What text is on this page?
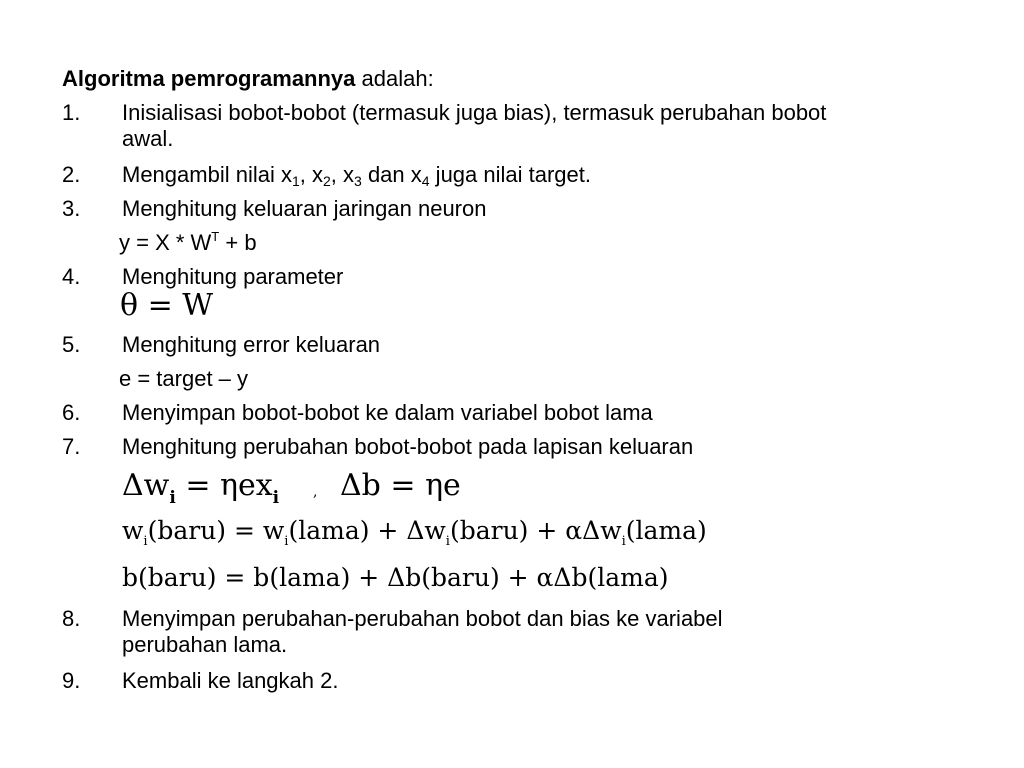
Algoritma pemrogramannya adalah:
1. Inisialisasi bobot-bobot (termasuk juga bias), termasuk perubahan bobot
awal.
2. Mengambil nilai $x_1$, $x_2$, $x_3$ dan $x_4$ juga nilai target.
3. Menghitung keluaran jaringan neuron
$y = X * W^T + b$
4. Menghitung parameter
θ = W
5. Menghitung error keluaran
e = target – y
6. Menyimpan bobot-bobot ke dalam variabel bobot lama
7. Menghitung perubahan bobot-bobot pada lapisan keluaran
$\Delta w_i = \eta ex_i$ , Δb = ηe
$w_i(baru)$ = $w_i(lama)$ + $\Delta w_i(baru)$ + αΔw$_i$(lama)
b(baru) = b(lama) + Δb(baru) + αΔb(lama)
8. Menyimpan perubahan-perubahan bobot dan bias ke variabel
perubahan lama.
9. Kembali ke langkah 2.
